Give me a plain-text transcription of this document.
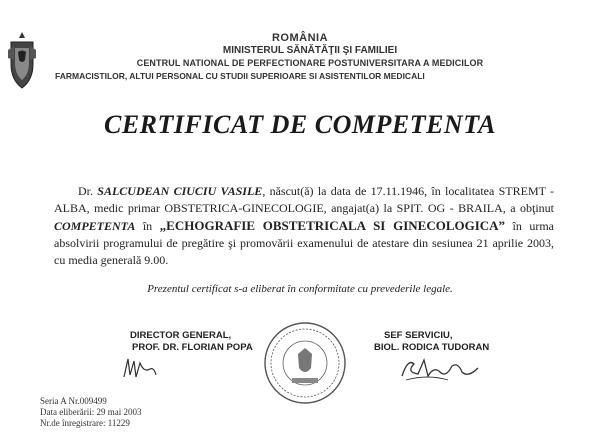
ROMÂNIA
MINISTERUL SĂNĂTĂŢII ŞI FAMILIEI
CENTRUL NATIONAL DE PERFECTIONARE POSTUNIVERSITARA A MEDICILOR
FARMACISTILOR, ALTUI PERSONAL CU STUDII SUPERIOARE SI ASISTENTILOR MEDICALI
CERTIFICAT DE COMPETENTA
Dr. SALCUDEAN CIUCIU VASILE, născut(ă) la data de 17.11.1946, în localitatea STREMT - ALBA, medic primar OBSTETRICA-GINECOLOGIE, angajat(a) la SPIT. OG - BRAILA, a obţinut COMPETENTA în „ECHOGRAFIE OBSTETRICALA SI GINECOLOGICA” în urma absolvirii programului de pregătire şi promovării examenului de atestare din sesiunea 21 aprilie 2003, cu media generală 9.00.
Prezentul certificat s-a eliberat în conformitate cu prevederile legale.
DIRECTOR GENERAL,
PROF. DR. FLORIAN POPA
SEF SERVICIU,
BIOL. RODICA TUDORAN
Seria A Nr.009499
Data eliberării: 29 mai 2003
Nr.de înregistrare: 11229
